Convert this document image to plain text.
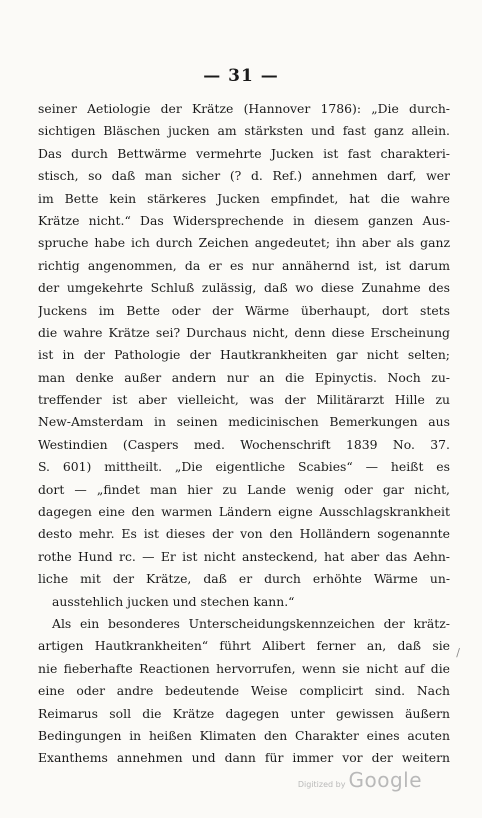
— 31 —
seiner Aetiologie der Krätze (Hannover 1786): „Die durch-
sichtigen Bläschen jucken am stärksten und fast ganz allein.
Das durch Bettwärme vermehrte Jucken ist fast charakteri-
stisch, so daß man sicher (? d. Ref.) annehmen darf, wer
im Bette kein stärkeres Jucken empfindet, hat die wahre
Krätze nicht.“ Das Widersprechende in diesem ganzen Aus-
spruche habe ich durch Zeichen angedeutet; ihn aber als ganz
richtig angenommen, da er es nur annähernd ist, ist darum
der umgekehrte Schluß zulässig, daß wo diese Zunahme des
Juckens im Bette oder der Wärme überhaupt, dort stets
die wahre Krätze sei? Durchaus nicht, denn diese Erscheinung
ist in der Pathologie der Hautkrankheiten gar nicht selten;
man denke außer andern nur an die Epinyctis. Noch zu-
treffender ist aber vielleicht, was der Militärarzt Hille zu
New-Amsterdam in seinen medicinischen Bemerkungen aus
Westindien (Caspers med. Wochenschrift 1839 No. 37.
S. 601) mittheilt. „Die eigentliche Scabies“ — heißt es
dort — „findet man hier zu Lande wenig oder gar nicht,
dagegen eine den warmen Ländern eigne Ausschlagskrankheit
desto mehr. Es ist dieses der von den Holländern sogenannte
rothe Hund rc. — Er ist nicht ansteckend, hat aber das Aehn-
liche mit der Krätze, daß er durch erhöhte Wärme un-
ausstehlich jucken und stechen kann.“
Als ein besonderes Unterscheidungskennzeichen der krätz-
artigen Hautkrankheiten“ führt Alibert ferner an, daß sie
nie fieberhafte Reactionen hervorrufen, wenn sie nicht auf die
eine oder andre bedeutende Weise complicirt sind. Nach
Reimarus soll die Krätze dagegen unter gewissen äußern
Bedingungen in heißen Klimaten den Charakter eines acuten
Exanthems annehmen und dann für immer vor der weitern
/
Digitized by Google
